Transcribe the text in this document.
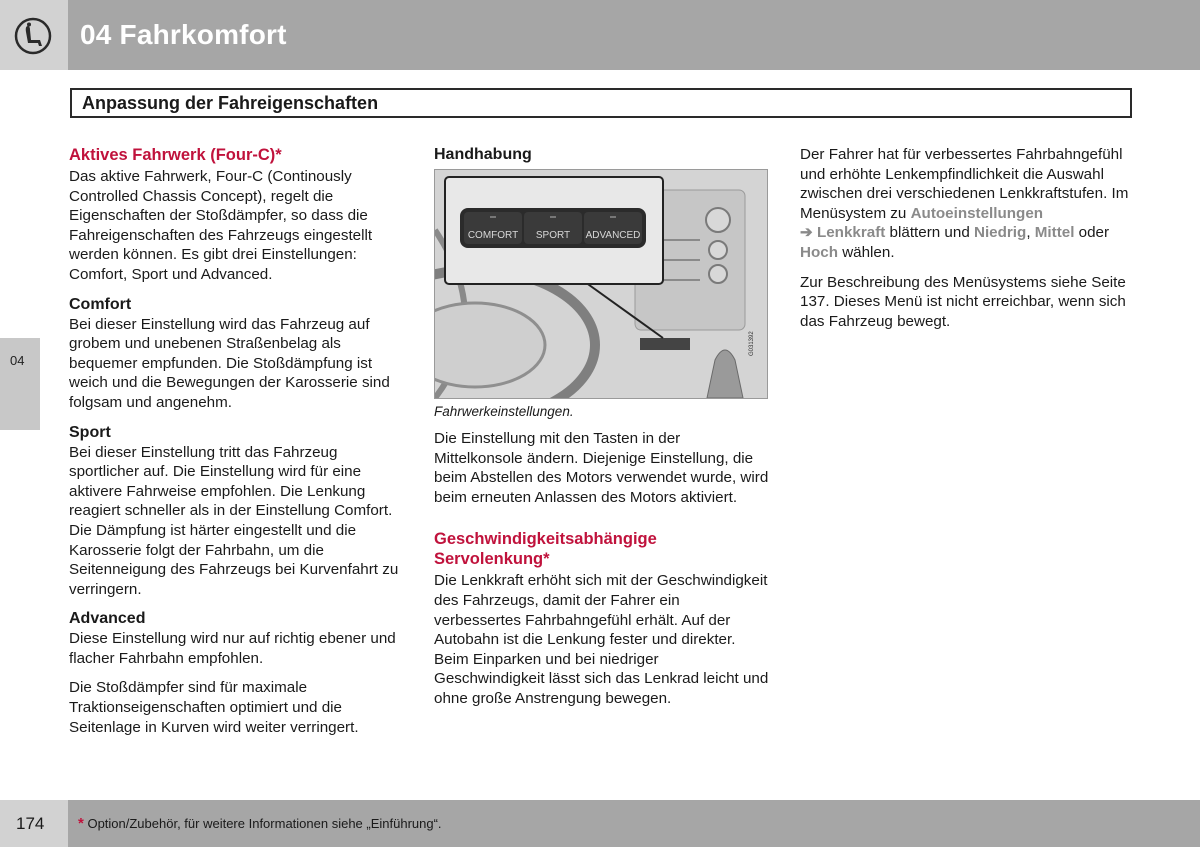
04 Fahrkomfort
Anpassung der Fahreigenschaften
04
Aktives Fahrwerk (Four-C)*

Das aktive Fahrwerk, Four-C (Continously Controlled Chassis Concept), regelt die Eigenschaften der Stoßdämpfer, so dass die Fahreigenschaften des Fahrzeugs eingestellt werden können. Es gibt drei Einstellungen: Comfort, Sport und Advanced.

Comfort

Bei dieser Einstellung wird das Fahrzeug auf grobem und unebenen Straßenbelag als bequemer empfunden. Die Stoßdämpfung ist weich und die Bewegungen der Karosserie sind folgsam und angenehm.

Sport

Bei dieser Einstellung tritt das Fahrzeug sportlicher auf. Die Einstellung wird für eine aktivere Fahrweise empfohlen. Die Lenkung reagiert schneller als in der Einstellung Comfort. Die Dämpfung ist härter eingestellt und die Karosserie folgt der Fahrbahn, um die Seitenneigung des Fahrzeugs bei Kurvenfahrt zu verringern.

Advanced

Diese Einstellung wird nur auf richtig ebener und flacher Fahrbahn empfohlen.

Die Stoßdämpfer sind für maximale Traktionseigenschaften optimiert und die Seitenlage in Kurven wird weiter verringert.

Handhabung
COMFORT	SPORT	ADVANCED
G031392
Fahrwerkeinstellungen.

Die Einstellung mit den Tasten in der Mittelkonsole ändern. Diejenige Einstellung, die beim Abstellen des Motors verwendet wurde, wird beim erneuten Anlassen des Motors aktiviert.

Geschwindigkeitsabhängige Servolenkung*

Die Lenkkraft erhöht sich mit der Geschwindigkeit des Fahrzeugs, damit der Fahrer ein verbessertes Fahrbahngefühl erhält. Auf der Autobahn ist die Lenkung fester und direkter. Beim Einparken und bei niedriger Geschwindigkeit lässt sich das Lenkrad leicht und ohne große Anstrengung bewegen.

Der Fahrer hat für verbessertes Fahrbahngefühl und erhöhte Lenkempfindlichkeit die Auswahl zwischen drei verschiedenen Lenkkraftstufen. Im Menüsystem zu Autoeinstellungen
➔ Lenkkraft blättern und Niedrig, Mittel oder Hoch wählen.

Zur Beschreibung des Menüsystems siehe Seite 137. Dieses Menü ist nicht erreichbar, wenn sich das Fahrzeug bewegt.

174 * Option/Zubehör, für weitere Informationen siehe „Einführung“.
